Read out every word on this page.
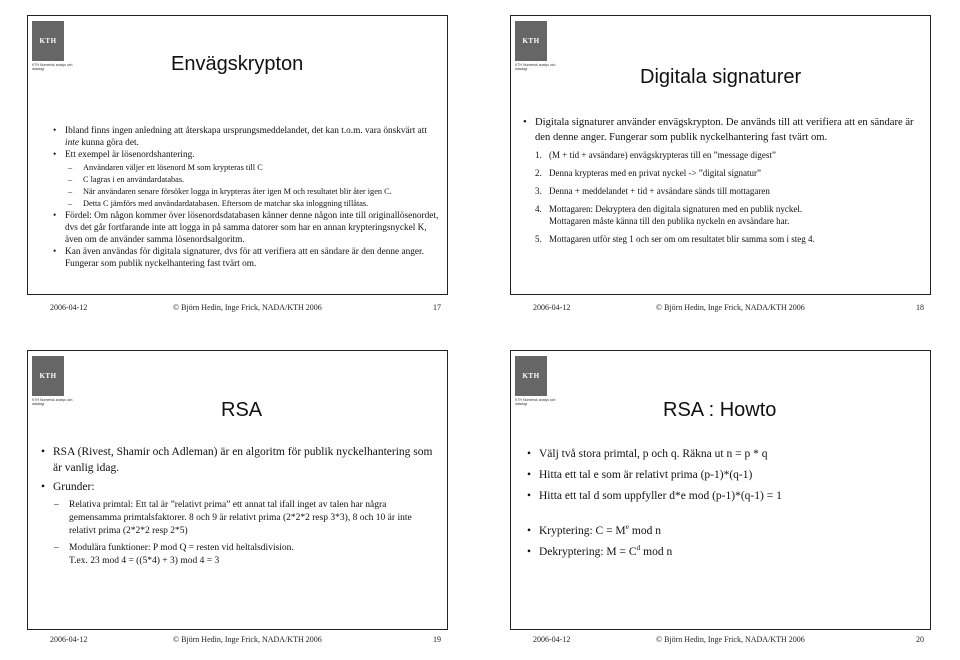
KTH
KTH Numerisk analys och datalogi	Envägskrypton
• Ibland finns ingen anledning att återskapa ursprungsmeddelandet, det kan t.o.m. vara önskvärt att inte kunna göra det.
• Ett exempel är lösenordshantering.
– Användaren väljer ett lösenord M som krypteras till C
– C lagras i en användardatabas.
– När användaren senare försöker logga in krypteras åter igen M och resultatet blir åter igen C.
– Detta C jämförs med användardatabasen. Eftersom de matchar ska inloggning tillåtas.
• Fördel: Om någon kommer över lösenordsdatabasen känner denne någon inte till originallösenordet, dvs det går fortfarande inte att logga in på samma datorer som har en annan krypteringsnyckel K, även om de använder samma lösenordsalgoritm.
• Kan även användas för digitala signaturer, dvs för att verifiera att en sändare är den denne anger. Fungerar som publik nyckelhantering fast tvärt om.
2006-04-12	© Björn Hedin, Inge Frick, NADA/KTH 2006	17
KTH
KTH Numerisk analys och datalogi	Digitala signaturer
• Digitala signaturer använder envägskrypton. De används till att verifiera att en sändare är den denne anger. Fungerar som publik nyckelhantering fast tvärt om.
1. (M + tid + avsändare) envägskrypteras till en ”message digest”
2. Denna krypteras med en privat nyckel -> ”digital signatur”
3. Denna + meddelandet + tid + avsändare sänds till mottagaren
4. Mottagaren: Dekryptera den digitala signaturen med en publik nyckel.
Mottagaren måste känna till den publika nyckeln en avsändare har.
5. Mottagaren utför steg 1 och ser om om resultatet blir samma som i steg 4.
2006-04-12	© Björn Hedin, Inge Frick, NADA/KTH 2006	18
KTH
KTH Numerisk analys och datalogi	RSA
• RSA (Rivest, Shamir och Adleman) är en algoritm för publik nyckelhantering som är vanlig idag.
• Grunder:
– Relativa primtal: Ett tal är ”relativt prima” ett annat tal ifall inget av talen har några gemensamma primtalsfaktorer. 8 och 9 är relativt prima (2*2*2 resp 3*3), 8 och 10 är inte relativt prima (2*2*2 resp 2*5)
– Modulära funktioner: P mod Q = resten vid heltalsdivision.
T.ex. 23 mod 4 = ((5*4) + 3) mod 4 = 3
2006-04-12	© Björn Hedin, Inge Frick, NADA/KTH 2006	19
KTH
KTH Numerisk analys och datalogi	RSA : Howto
• Välj två stora primtal, p och q. Räkna ut n = p * q
• Hitta ett tal e som är relativt prima (p-1)*(q-1)
• Hitta ett tal d som uppfyller d*e mod (p-1)*(q-1) = 1
• Kryptering: $C = M^e$ mod n
• Dekryptering: $M = C^d$ mod n
2006-04-12	© Björn Hedin, Inge Frick, NADA/KTH 2006	20
